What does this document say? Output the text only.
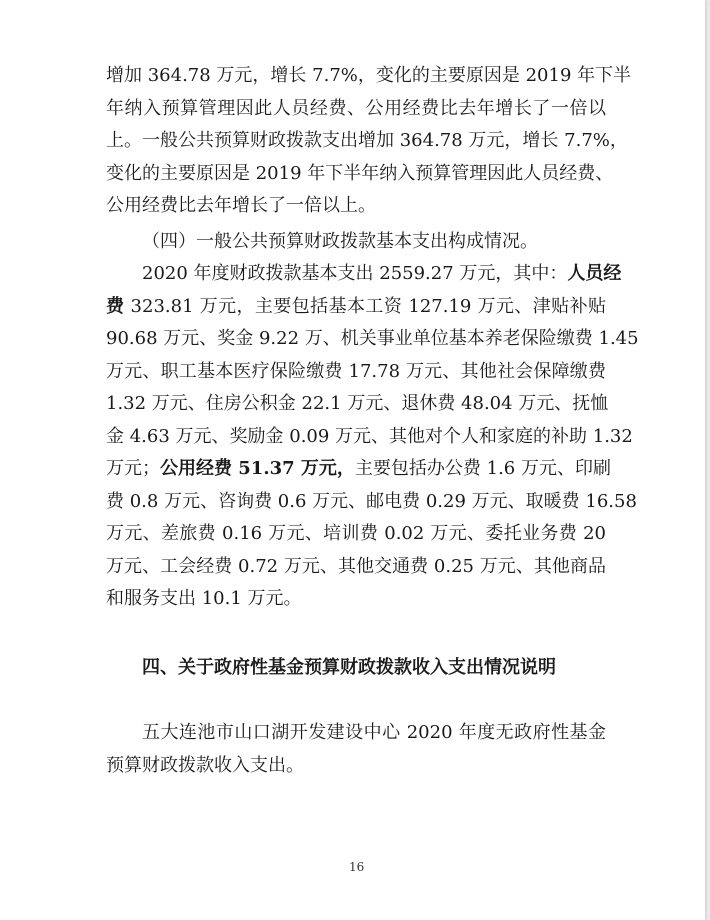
增加 364.78 万元，增长 7.7%，变化的主要原因是 2019 年下半
年纳入预算管理因此人员经费、公用经费比去年增长了一倍以
上。一般公共预算财政拨款支出增加 364.78 万元，增长 7.7%，
变化的主要原因是 2019 年下半年纳入预算管理因此人员经费、
公用经费比去年增长了一倍以上。

（四）一般公共预算财政拨款基本支出构成情况。

2020 年度财政拨款基本支出 2559.27 万元，其中：人员经
费 323.81 万元，主要包括基本工资 127.19 万元、津贴补贴
90.68 万元、奖金 9.22 万、机关事业单位基本养老保险缴费 1.45
万元、职工基本医疗保险缴费 17.78 万元、其他社会保障缴费
1.32 万元、住房公积金 22.1 万元、退休费 48.04 万元、抚恤
金 4.63 万元、奖励金 0.09 万元、其他对个人和家庭的补助 1.32
万元；公用经费 51.37 万元，主要包括办公费 1.6 万元、印刷
费 0.8 万元、咨询费 0.6 万元、邮电费 0.29 万元、取暖费 16.58
万元、差旅费 0.16 万元、培训费 0.02 万元、委托业务费 20
万元、工会经费 0.72 万元、其他交通费 0.25 万元、其他商品
和服务支出 10.1 万元。

四、关于政府性基金预算财政拨款收入支出情况说明

五大连池市山口湖开发建设中心 2020 年度无政府性基金
预算财政拨款收入支出。

16
